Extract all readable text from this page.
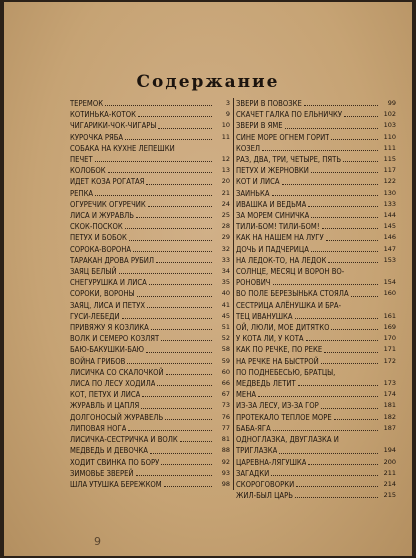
Содержание
ТЕРЕМОК	3
КОТИНЬКА-КОТОК	9
ЧИГАРИКИ-ЧОК-ЧИГАРЫ	10
КУРОЧКА РЯБА	11
СОБАКА НА КУХНЕ ЛЕПЕШКИ
ПЕЧЕТ	12
КОЛОБОК	13
ИДЕТ КОЗА РОГАТАЯ	20
РЕПКА	21
ОГУРЕЧИК ОГУРЕЧИК	24
ЛИСА И ЖУРАВЛЬ	25
СКОК-ПОСКОК	28
ПЕТУХ И БОБОК	29
СОРОКА-ВОРОНА	32
ТАРАКАН ДРОВА РУБИЛ	33
ЗАЯЦ БЕЛЫЙ	34
СНЕГУРУШКА И ЛИСА	35
СОРОКИ, ВОРОНЫ	40
ЗАЯЦ, ЛИСА И ПЕТУХ	41
ГУСИ-ЛЕБЕДИ	45
ПРИВЯЖУ Я КОЗЛИКА	51
ВОЛК И СЕМЕРО КОЗЛЯТ	52
БАЮ-БАКУШКИ-БАЮ	58
ВОЙНА ГРИБОВ	59
ЛИСИЧКА СО СКАЛОЧКОЙ	60
ЛИСА ПО ЛЕСУ ХОДИЛА	66
КОТ, ПЕТУХ И ЛИСА	67
ЖУРАВЛЬ И ЦАПЛЯ	73
ДОЛГОНОСЫЙ ЖУРАВЕЛЬ	76
ЛИПОВАЯ НОГА	77
ЛИСИЧКА-СЕСТРИЧКА И ВОЛК	81
МЕДВЕДЬ И ДЕВОЧКА	88
ХОДИТ СВИНКА ПО БОРУ	92
ЗИМОВЬЕ ЗВЕРЕЙ	93
ШЛА УТУШКА БЕРЕЖКОМ	98
ЗВЕРИ В ПОВОЗКЕ	99
СКАЧЕТ ГАЛКА ПО ЕЛЬНИЧКУ	102
ЗВЕРИ В ЯМЕ	103
СИНЕ МОРЕ ОГНЕМ ГОРИТ	110
КОЗЕЛ	111
РАЗ, ДВА, ТРИ, ЧЕТЫРЕ, ПЯТЬ	115
ПЕТУХ И ЖЕРНОВКИ	117
КОТ И ЛИСА	122
ЗАИНЬКА	130
ИВАШКА И ВЕДЬМА	133
ЗА МОРЕМ СИНИЧКА	144
ТИЛИ-БОМ! ТИЛИ-БОМ!	145
КАК НА НАШЕМ НА ЛУГУ	146
ДОЧЬ И ПАДЧЕРИЦА	147
НА ЛЕДОК-ТО, НА ЛЕДОК	153
СОЛНЦЕ, МЕСЯЦ И ВОРОН ВО-
РОНОВИЧ	154
ВО ПОЛЕ БЕРЕЗЫНЬКА СТОЯЛА	160
СЕСТРИЦА АЛЁНУШКА И БРА-
ТЕЦ ИВАНУШКА	161
ОЙ, ЛЮЛИ, МОЕ ДИТЯТКО	169
У КОТА ЛИ, У КОТА	170
КАК ПО РЕЧКЕ, ПО РЕКЕ	171
НА РЕЧКЕ НА БЫСТРОЙ	172
ПО ПОДНЕБЕСЬЮ, БРАТЦЫ,
МЕДВЕДЬ ЛЕТИТ	173
МЕНА	174
ИЗ-ЗА ЛЕСУ, ИЗ-ЗА ГОР	181
ПРОТЕКАЛО ТЕПЛОЕ МОРЕ	182
БАБА-ЯГА	187
ОДНОГЛАЗКА, ДВУГЛАЗКА И
ТРИГЛАЗКА	194
ЦАРЕВНА-ЛЯГУШКА	200
ЗАГАДКИ	211
СКОРОГОВОРКИ	214
ЖИЛ-БЫЛ ЦАРЬ	215
9
